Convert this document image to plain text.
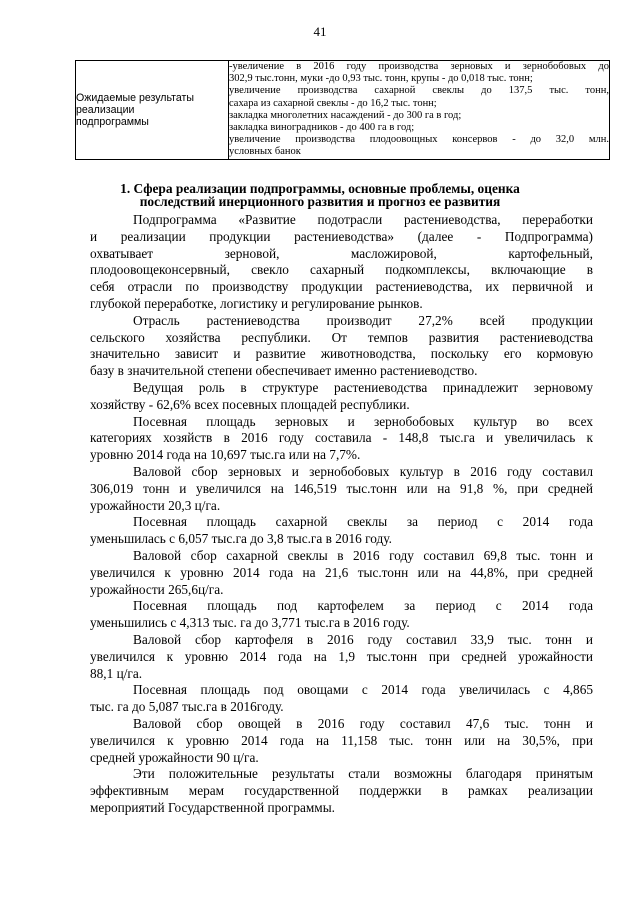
41
Ожидаемые результаты
реализации
подпрограммы

-увеличение в 2016 году производства зерновых и зернобобовых до
302,9 тыс.тонн, муки -до 0,93 тыс. тонн, крупы - до 0,018 тыс. тонн;
увеличение производства сахарной свеклы до 137,5 тыс. тонн,
сахара из сахарной свеклы - до 16,2 тыс. тонн;
закладка многолетних насаждений - до 300 га в год;
закладка виноградников - до 400 га в год;
увеличение производства плодоовощных консервов - до 32,0 млн.
условных банок
1. Сфера реализации подпрограммы, основные проблемы, оценка
последствий инерционного развития и прогноз ее развития
Подпрограмма «Развитие подотрасли растениеводства, переработки
и реализации продукции растениеводства» (далее - Подпрограмма)
охватывает зерновой, масложировой, картофельный,
плодоовощеконсервный, свекло сахарный подкомплексы, включающие в
себя отрасли по производству продукции растениеводства, их первичной и
глубокой переработке, логистику и регулирование рынков.
Отрасль растениеводства производит 27,2% всей продукции
сельского хозяйства республики. От темпов развития растениеводства
значительно зависит и развитие животноводства, поскольку его кормовую
базу в значительной степени обеспечивает именно растениеводство.
Ведущая роль в структуре растениеводства принадлежит зерновому
хозяйству - 62,6% всех посевных площадей республики.
Посевная площадь зерновых и зернобобовых культур во всех
категориях хозяйств в 2016 году составила - 148,8 тыс.га и увеличилась к
уровню 2014 года на 10,697 тыс.га или на 7,7%.
Валовой сбор зерновых и зернобобовых культур в 2016 году составил
306,019 тонн и увеличился на 146,519 тыс.тонн или на 91,8 %, при средней
урожайности 20,3 ц/га.
Посевная площадь сахарной свеклы за период с 2014 года
уменьшилась с 6,057 тыс.га до 3,8 тыс.га в 2016 году.
Валовой сбор сахарной свеклы в 2016 году составил 69,8 тыс. тонн и
увеличился к уровню 2014 года на 21,6 тыс.тонн или на 44,8%, при средней
урожайности 265,6ц/га.
Посевная площадь под картофелем за период с 2014 года
уменьшились с 4,313 тыс. га до 3,771 тыс.га в 2016 году.
Валовой сбор картофеля в 2016 году составил 33,9 тыс. тонн и
увеличился к уровню 2014 года на 1,9 тыс.тонн при средней урожайности
88,1 ц/га.
Посевная площадь под овощами с 2014 года увеличилась с 4,865
тыс. га до 5,087 тыс.га в 2016году.
Валовой сбор овощей в 2016 году составил 47,6 тыс. тонн и
увеличился к уровню 2014 года на 11,158 тыс. тонн или на 30,5%, при
средней урожайности 90 ц/га.
Эти положительные результаты стали возможны благодаря принятым
эффективным мерам государственной поддержки в рамках реализации
мероприятий Государственной программы.
